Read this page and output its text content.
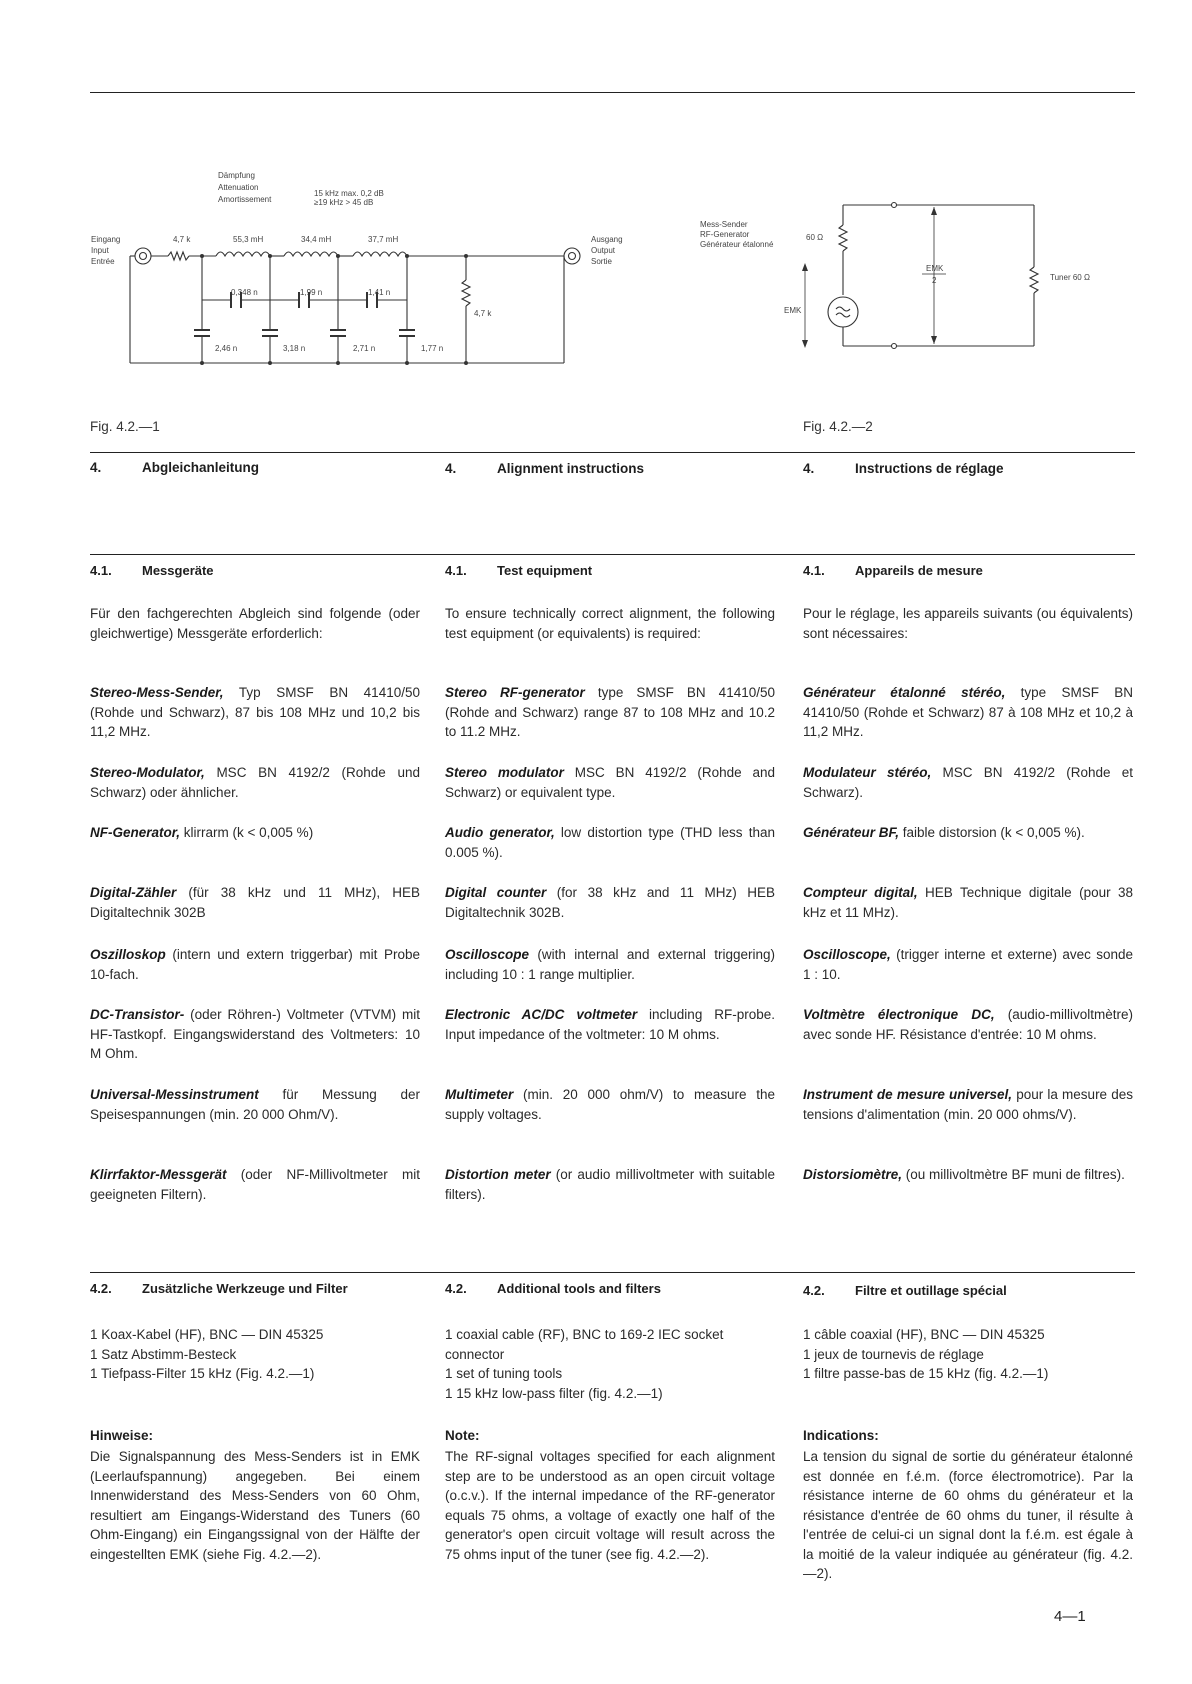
Dämpfung
Attenuation
Amortissement
15 kHz max. 0,2 dB
≥19 kHz > 45 dB
Eingang
Input
Entrée
Ausgang
Output
Sortie
4,7 k	55,3 mH	34,4 mH	37,7 mH
0,348 n	1,99 n	1,41 n
2,46 n	3,18 n	2,71 n	1,77 n
4,7 k
Mess-Sender
RF-Generator
Générateur étalonné
60 Ω
EMK
EMK
2	Tuner 60 Ω
Fig. 4.2.—1	Fig. 4.2.—2
4.	Abgleichanleitung	4.	Alignment instructions	4.	Instructions de réglage
4.1. Messgeräte	4.1. Test equipment	4.1. Appareils de mesure
Für den fachgerechten Abgleich sind folgende (oder gleichwertige) Messgeräte erforderlich:
To ensure technically correct alignment, the following test equipment (or equivalents) is required:
Pour le réglage, les appareils suivants (ou équivalents) sont nécessaires:
Stereo-Mess-Sender, Typ SMSF BN 41410/50 (Rohde und Schwarz), 87 bis 108 MHz und 10,2 bis 11,2 MHz.
Stereo-Modulator, MSC BN 4192/2 (Rohde und Schwarz) oder ähnlicher.
NF-Generator, klirrarm (k < 0,005 %)
Digital-Zähler (für 38 kHz und 11 MHz), HEB Digitaltechnik 302B
Oszilloskop (intern und extern triggerbar) mit Probe 10-fach.
DC-Transistor- (oder Röhren-) Voltmeter (VTVM) mit HF-Tastkopf. Eingangswiderstand des Voltmeters: 10 M Ohm.
Universal-Messinstrument für Messung der Speisespannungen (min. 20 000 Ohm/V).
Klirrfaktor-Messgerät (oder NF-Millivoltmeter mit geeigneten Filtern).
Stereo RF-generator type SMSF BN 41410/50 (Rohde and Schwarz) range 87 to 108 MHz and 10.2 to 11.2 MHz.
Stereo modulator MSC BN 4192/2 (Rohde and Schwarz) or equivalent type.
Audio generator, low distortion type (THD less than 0.005 %).
Digital counter (for 38 kHz and 11 MHz) HEB Digitaltechnik 302B.
Oscilloscope (with internal and external triggering) including 10 : 1 range multiplier.
Electronic AC/DC voltmeter including RF-probe. Input impedance of the voltmeter: 10 M ohms.
Multimeter (min. 20 000 ohm/V) to measure the supply voltages.
Distortion meter (or audio millivoltmeter with suitable filters).
Générateur étalonné stéréo, type SMSF BN 41410/50 (Rohde et Schwarz) 87 à 108 MHz et 10,2 à 11,2 MHz.
Modulateur stéréo, MSC BN 4192/2 (Rohde et Schwarz).
Générateur BF, faible distorsion (k < 0,005 %).
Compteur digital, HEB Technique digitale (pour 38 kHz et 11 MHz).
Oscilloscope, (trigger interne et externe) avec sonde 1 : 10.
Voltmètre électronique DC, (audio-millivoltmètre) avec sonde HF. Résistance d'entrée: 10 M ohms.
Instrument de mesure universel, pour la mesure des tensions d'alimentation (min. 20 000 ohms/V).
Distorsiomètre, (ou millivoltmètre BF muni de filtres).
4.2. Zusätzliche Werkzeuge und Filter	4.2. Additional tools and filters	4.2. Filtre et outillage spécial
1 Koax-Kabel (HF), BNC — DIN 45325
1 Satz Abstimm-Besteck
1 Tiefpass-Filter 15 kHz (Fig. 4.2.—1)
1 coaxial cable (RF), BNC to 169-2 IEC socket connector
1 set of tuning tools
1 15 kHz low-pass filter (fig. 4.2.—1)
1 câble coaxial (HF), BNC — DIN 45325
1 jeux de tournevis de réglage
1 filtre passe-bas de 15 kHz (fig. 4.2.—1)
Hinweise:	Note:	Indications:
Die Signalspannung des Mess-Senders ist in EMK (Leerlaufspannung) angegeben. Bei einem Innenwiderstand des Mess-Senders von 60 Ohm, resultiert am Eingangs-Widerstand des Tuners (60 Ohm-Eingang) ein Eingangssignal von der Hälfte der eingestellten EMK (siehe Fig. 4.2.—2).
The RF-signal voltages specified for each alignment step are to be understood as an open circuit voltage (o.c.v.). If the internal impedance of the RF-generator equals 75 ohms, a voltage of exactly one half of the generator's open circuit voltage will result across the 75 ohms input of the tuner (see fig. 4.2.—2).
La tension du signal de sortie du générateur étalonné est donnée en f.é.m. (force électromotrice). Par la résistance interne de 60 ohms du générateur et la résistance d'entrée de 60 ohms du tuner, il résulte à l'entrée de celui-ci un signal dont la f.é.m. est égale à la moitié de la valeur indiquée au générateur (fig. 4.2.—2).
4—1
